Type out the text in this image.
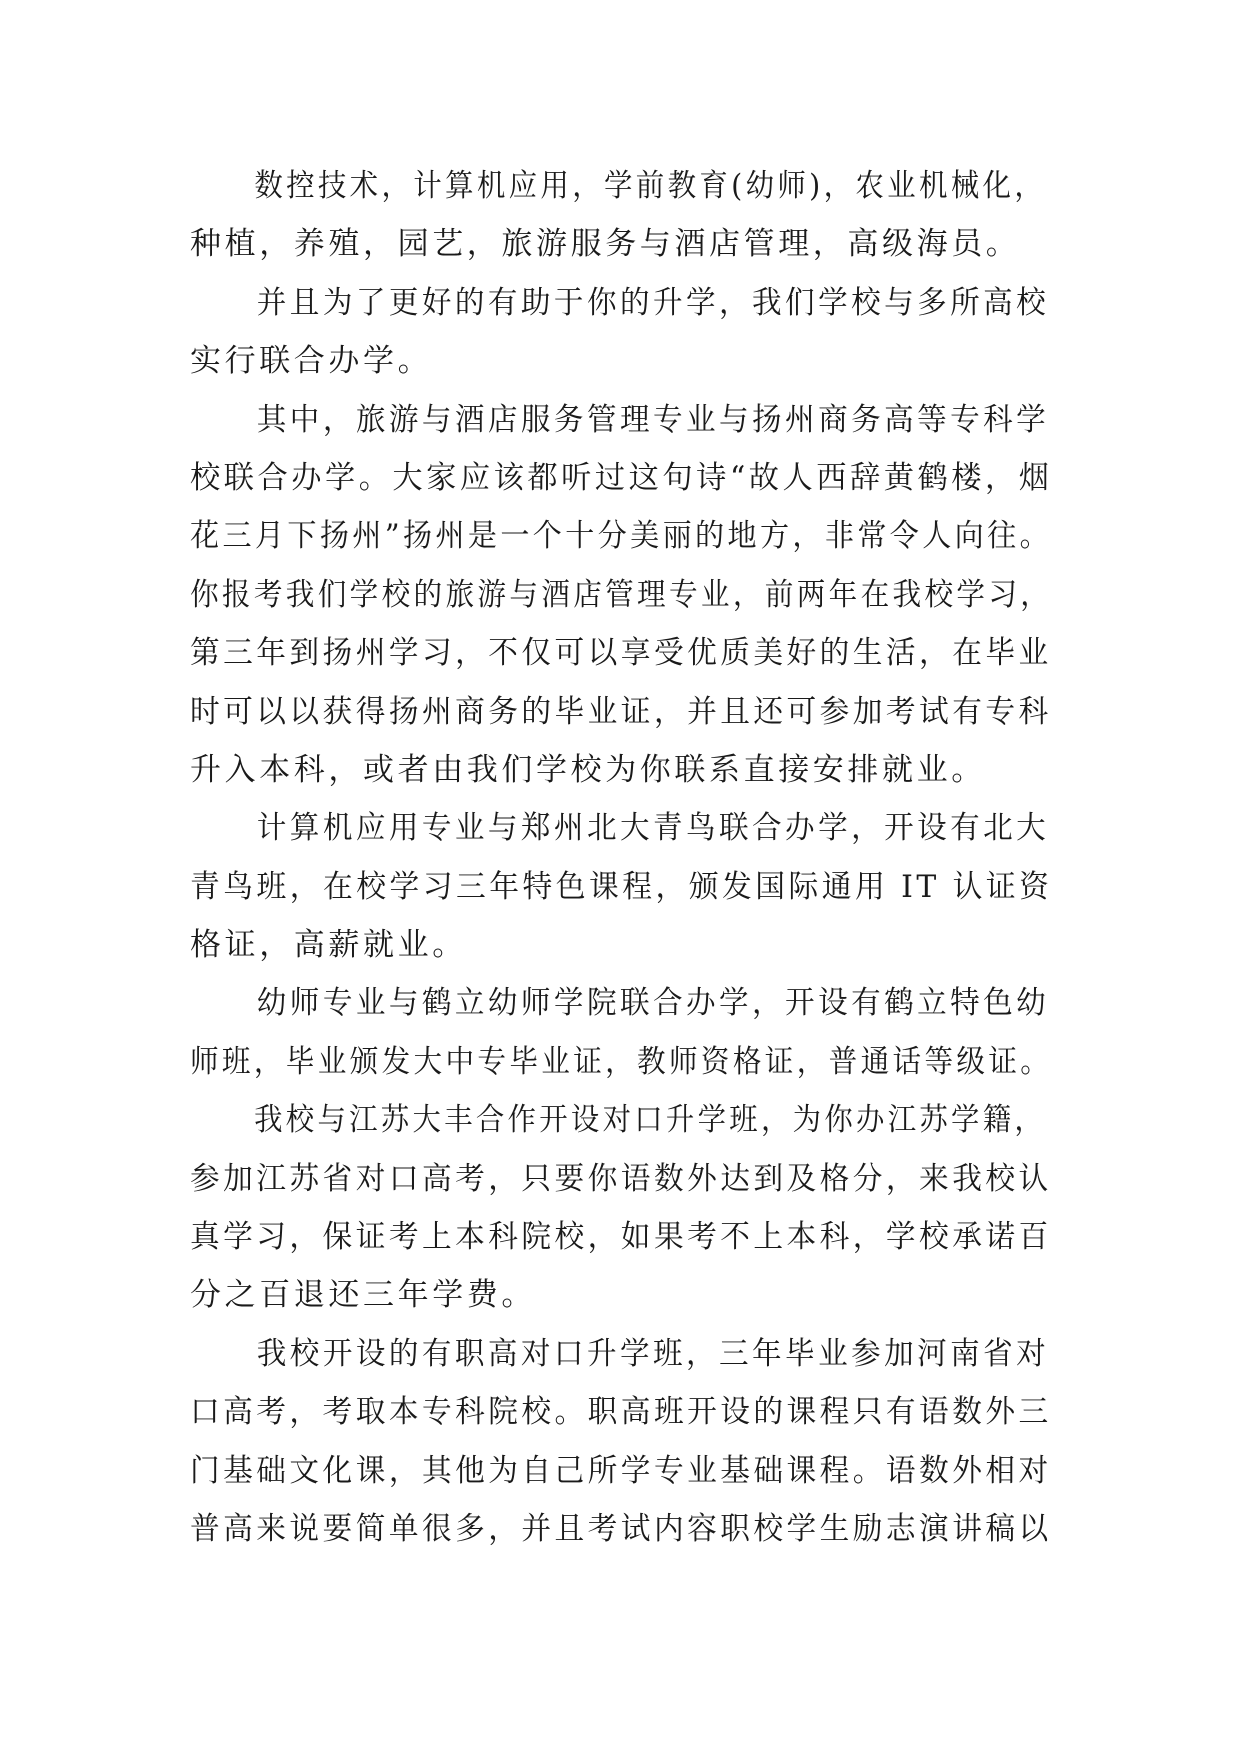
数控技术，计算机应用，学前教育(幼师)，农业机械化，
种植，养殖，园艺，旅游服务与酒店管理，高级海员。
并且为了更好的有助于你的升学，我们学校与多所高校
实行联合办学。
其中，旅游与酒店服务管理专业与扬州商务高等专科学
校联合办学。大家应该都听过这句诗“故人西辞黄鹤楼，烟
花三月下扬州”扬州是一个十分美丽的地方，非常令人向往。
你报考我们学校的旅游与酒店管理专业，前两年在我校学习，
第三年到扬州学习，不仅可以享受优质美好的生活，在毕业
时可以以获得扬州商务的毕业证，并且还可参加考试有专科
升入本科，或者由我们学校为你联系直接安排就业。
计算机应用专业与郑州北大青鸟联合办学，开设有北大
青鸟班，在校学习三年特色课程，颁发国际通用 IT 认证资
格证，高薪就业。
幼师专业与鹤立幼师学院联合办学，开设有鹤立特色幼
师班，毕业颁发大中专毕业证，教师资格证，普通话等级证。
我校与江苏大丰合作开设对口升学班，为你办江苏学籍，
参加江苏省对口高考，只要你语数外达到及格分，来我校认
真学习，保证考上本科院校，如果考不上本科，学校承诺百
分之百退还三年学费。
我校开设的有职高对口升学班，三年毕业参加河南省对
口高考，考取本专科院校。职高班开设的课程只有语数外三
门基础文化课，其他为自己所学专业基础课程。语数外相对
普高来说要简单很多，并且考试内容职校学生励志演讲稿以
